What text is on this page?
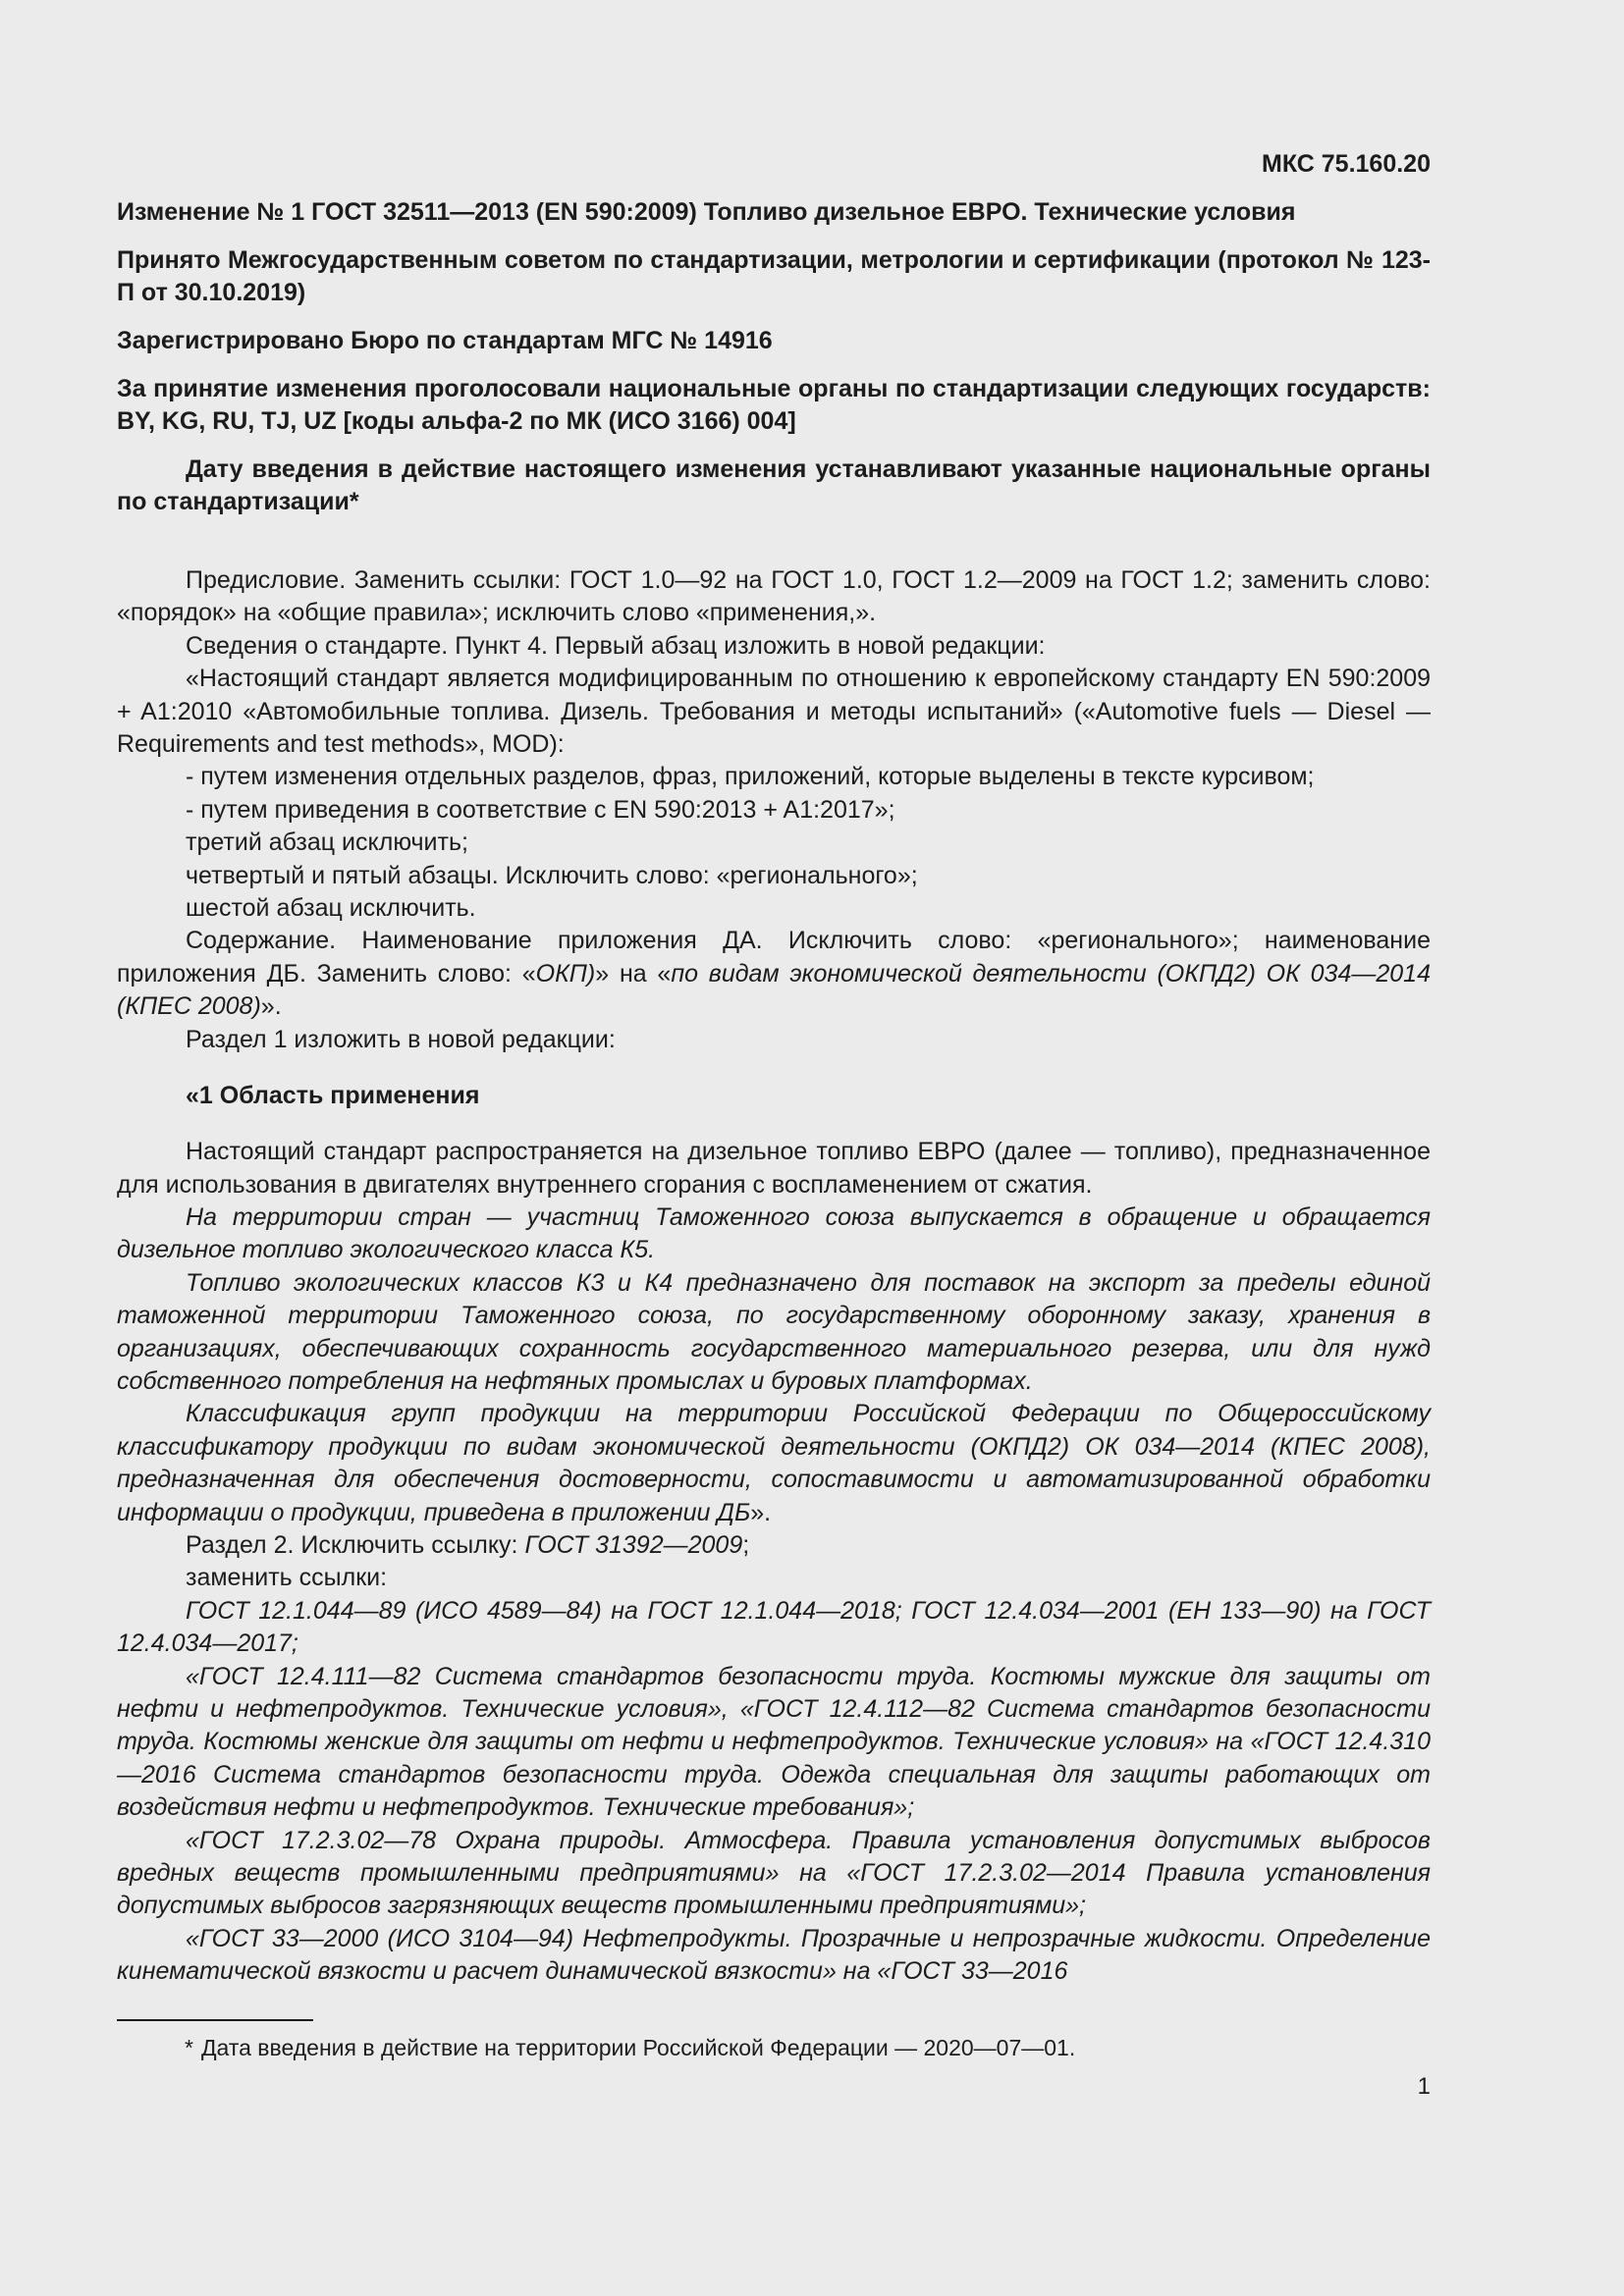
МКС 75.160.20
Изменение № 1 ГОСТ 32511—2013 (EN 590:2009) Топливо дизельное ЕВРО. Технические условия
Принято Межгосударственным советом по стандартизации, метрологии и сертификации (протокол № 123-П от 30.10.2019)
Зарегистрировано Бюро по стандартам МГС № 14916
За принятие изменения проголосовали национальные органы по стандартизации следующих государств: BY, KG, RU, TJ, UZ [коды альфа-2 по МК (ИСО 3166) 004]
Дату введения в действие настоящего изменения устанавливают указанные национальные органы по стандартизации*

Предисловие. Заменить ссылки: ГОСТ 1.0—92 на ГОСТ 1.0, ГОСТ 1.2—2009 на ГОСТ 1.2; заменить слово: «порядок» на «общие правила»; исключить слово «применения,».

Сведения о стандарте. Пункт 4. Первый абзац изложить в новой редакции:

«Настоящий стандарт является модифицированным по отношению к европейскому стандарту EN 590:2009 + A1:2010 «Автомобильные топлива. Дизель. Требования и методы испытаний» («Automotive fuels — Diesel — Requirements and test methods», MOD):

- путем изменения отдельных разделов, фраз, приложений, которые выделены в тексте курсивом;

- путем приведения в соответствие с EN 590:2013 + A1:2017»;

третий абзац исключить;

четвертый и пятый абзацы. Исключить слово: «регионального»;

шестой абзац исключить.

Содержание. Наименование приложения ДА. Исключить слово: «регионального»; наименование приложения ДБ. Заменить слово: «ОКП)» на «по видам экономической деятельности (ОКПД2) ОК 034—2014 (КПЕС 2008)».

Раздел 1 изложить в новой редакции:

«1 Область применения

Настоящий стандарт распространяется на дизельное топливо ЕВРО (далее — топливо), предназначенное для использования в двигателях внутреннего сгорания с воспламенением от сжатия.

На территории стран — участниц Таможенного союза выпускается в обращение и обращается дизельное топливо экологического класса К5.

Топливо экологических классов К3 и К4 предназначено для поставок на экспорт за пределы единой таможенной территории Таможенного союза, по государственному оборонному заказу, хранения в организациях, обеспечивающих сохранность государственного материального резерва, или для нужд собственного потребления на нефтяных промыслах и буровых платформах.

Классификация групп продукции на территории Российской Федерации по Общероссийскому классификатору продукции по видам экономической деятельности (ОКПД2) ОК 034—2014 (КПЕС 2008), предназначенная для обеспечения достоверности, сопоставимости и автоматизированной обработки информации о продукции, приведена в приложении ДБ».

Раздел 2. Исключить ссылку: ГОСТ 31392—2009;

заменить ссылки:

ГОСТ 12.1.044—89 (ИСО 4589—84) на ГОСТ 12.1.044—2018; ГОСТ 12.4.034—2001 (ЕН 133—90) на ГОСТ 12.4.034—2017;

«ГОСТ 12.4.111—82 Система стандартов безопасности труда. Костюмы мужские для защиты от нефти и нефтепродуктов. Технические условия», «ГОСТ 12.4.112—82 Система стандартов безопасности труда. Костюмы женские для защиты от нефти и нефтепродуктов. Технические условия» на «ГОСТ 12.4.310—2016 Система стандартов безопасности труда. Одежда специальная для защиты работающих от воздействия нефти и нефтепродуктов. Технические требования»;

«ГОСТ 17.2.3.02—78 Охрана природы. Атмосфера. Правила установления допустимых выбросов вредных веществ промышленными предприятиями» на «ГОСТ 17.2.3.02—2014 Правила установления допустимых выбросов загрязняющих веществ промышленными предприятиями»;

«ГОСТ 33—2000 (ИСО 3104—94) Нефтепродукты. Прозрачные и непрозрачные жидкости. Определение кинематической вязкости и расчет динамической вязкости» на «ГОСТ 33—2016

* Дата введения в действие на территории Российской Федерации — 2020—07—01.
1
